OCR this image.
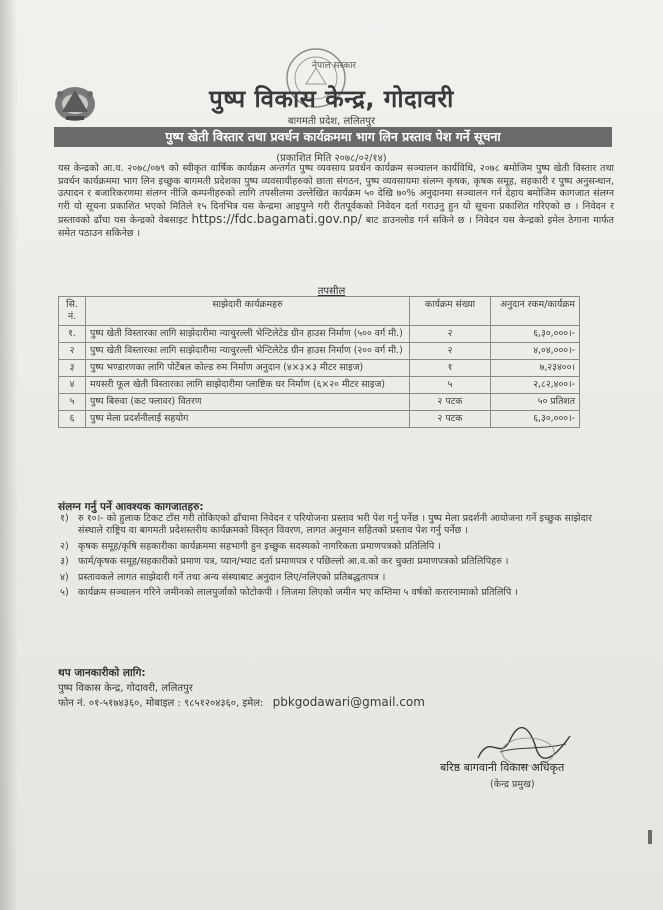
नेपाल सरकार
पुष्प विकास केन्द्र, गोदावरी
बागमती प्रदेश, ललितपुर
पुष्प खेती विस्तार तथा प्रवर्धन कार्यक्रममा भाग लिन प्रस्ताव पेश गर्ने सूचना
(प्रकाशित मिति २०७८/०२/१४)
यस केन्द्रको आ.व. २०७८/०७९ को स्वीकृत वार्षिक कार्यक्रम अन्तर्गत पुष्प व्यवसाय प्रवर्धन कार्यक्रम सञ्चालन कार्यविधि, २०७८ बमोजिम पुष्प खेती विस्तार तथा प्रवर्धन कार्यक्रममा भाग लिन इच्छुक बागमती प्रदेशका पुष्प व्यवसायीहरुको छाता संगठन, पुष्प व्यवसायमा संलग्न कृषक, कृषक समूह, सहकारी र पुष्प अनुसन्धान, उत्पादन र बजारिकरणमा संलग्न नीजि कम्पनीहरुको लागि तपसीलमा उल्लेखित कार्यक्रम ५० देखि ७०% अनुदानमा सञ्चालन गर्न देहाय बमोजिम कागजात संलग्न गरी यो सूचना प्रकाशित भएको मितिले १५ दिनभित्र यस केन्द्रमा आइपुग्ने गरी रीतपूर्वकको निवेदन दर्ता गराउनु हुन यो सूचना प्रकाशित गरिएको छ । निवेदन र प्रस्तावको ढाँचा यस केन्द्रको वेबसाइट https://fdc.bagamati.gov.np/ बाट डाउनलोड गर्न सकिने छ । निवेदन यस केन्द्रको इमेल ठेगाना मार्फत समेत पठाउन सकिनेछ ।
तपसील
सि. नं.	साझेदारी कार्यक्रमहरु	कार्यक्रम संख्या	अनुदान रकम/कार्यक्रम
१.	पुष्प खेती विस्तारका लागि साझेदारीमा न्याचुरल्ली भेन्टिलेटेड ग्रीन हाउस निर्माण (५०० वर्ग मी.)	२	६,३०,०००।-
२	पुष्प खेती विस्तारका लागि साझेदारीमा न्याचुरल्ली भेन्टिलेटेड ग्रीन हाउस निर्माण (२०० वर्ग मी.)	२	४,०४,०००।-
३	पुष्प भण्डारणका लागि पोर्टेबल कोल्ड रुम निर्माण अनुदान (४×३×३ मीटर साइज)	१	७,२३४००।
४	मयसरी फूल खेती विस्तारका लागि साझेदारीमा प्लाष्टिक घर निर्माण (६×२० मीटर साइज)	५	२,८२,४००।-
५	पुष्प बिरुवा (कट फ्लावर) वितरण	२ पटक	५० प्रतिशत
६	पुष्प मेला प्रदर्शनीलाई सहयोग	२ पटक	६,३०,०००।-
संलग्न गर्नु पर्ने आवश्यक कागजातहरु:
१) रु १०।- को हुलाक टिकट टाँस गरी तोकिएको ढाँचामा निवेदन र परियोजना प्रस्ताव भरी पेश गर्नु पर्नेछ । पुष्प मेला प्रदर्शनी आयोजना गर्ने इच्छुक साझेदार संस्थाले राष्ट्रिय वा बागमती प्रदेशस्तरीय कार्यक्रमको विस्तृत विवरण, लागत अनुमान सहितको प्रस्ताव पेश गर्नु पर्नेछ ।
२) कृषक समूह/कृषि सहकारीका कार्यक्रममा सहभागी हुन इच्छुक सदस्यको नागरिकता प्रमाणपत्रको प्रतिलिपि ।
३) फार्म/कृषक समूह/सहकारीको प्रमाण पत्र, प्यान/भ्याट दर्ता प्रमाणपत्र र पछिल्लो आ.व.को कर चुक्ता प्रमाणपत्रको प्रतिलिपिहरु ।
४) प्रस्तावकले लागत साझेदारी गर्ने तथा अन्य संस्थाबाट अनुदान लिए/नलिएको प्रतिबद्धतापत्र ।
५) कार्यक्रम सञ्चालन गरिने जमीनको लालपुर्जाको फोटोकपी । लिजमा लिएको जमीन भए कम्तिमा ५ वर्षको करारनामाको प्रतिलिपि ।
थप जानकारीको लागि:
पुष्प विकास केन्द्र, गोदावरी, ललितपुर
फोन नं. ०१-५१७४३६०, मोबाइल : ९८५१२०४३६०, इमेल: pbkgodawari@gmail.com
बरिष्ठ बागवानी विकास अधिकृत
(केन्द्र प्रमुख)
